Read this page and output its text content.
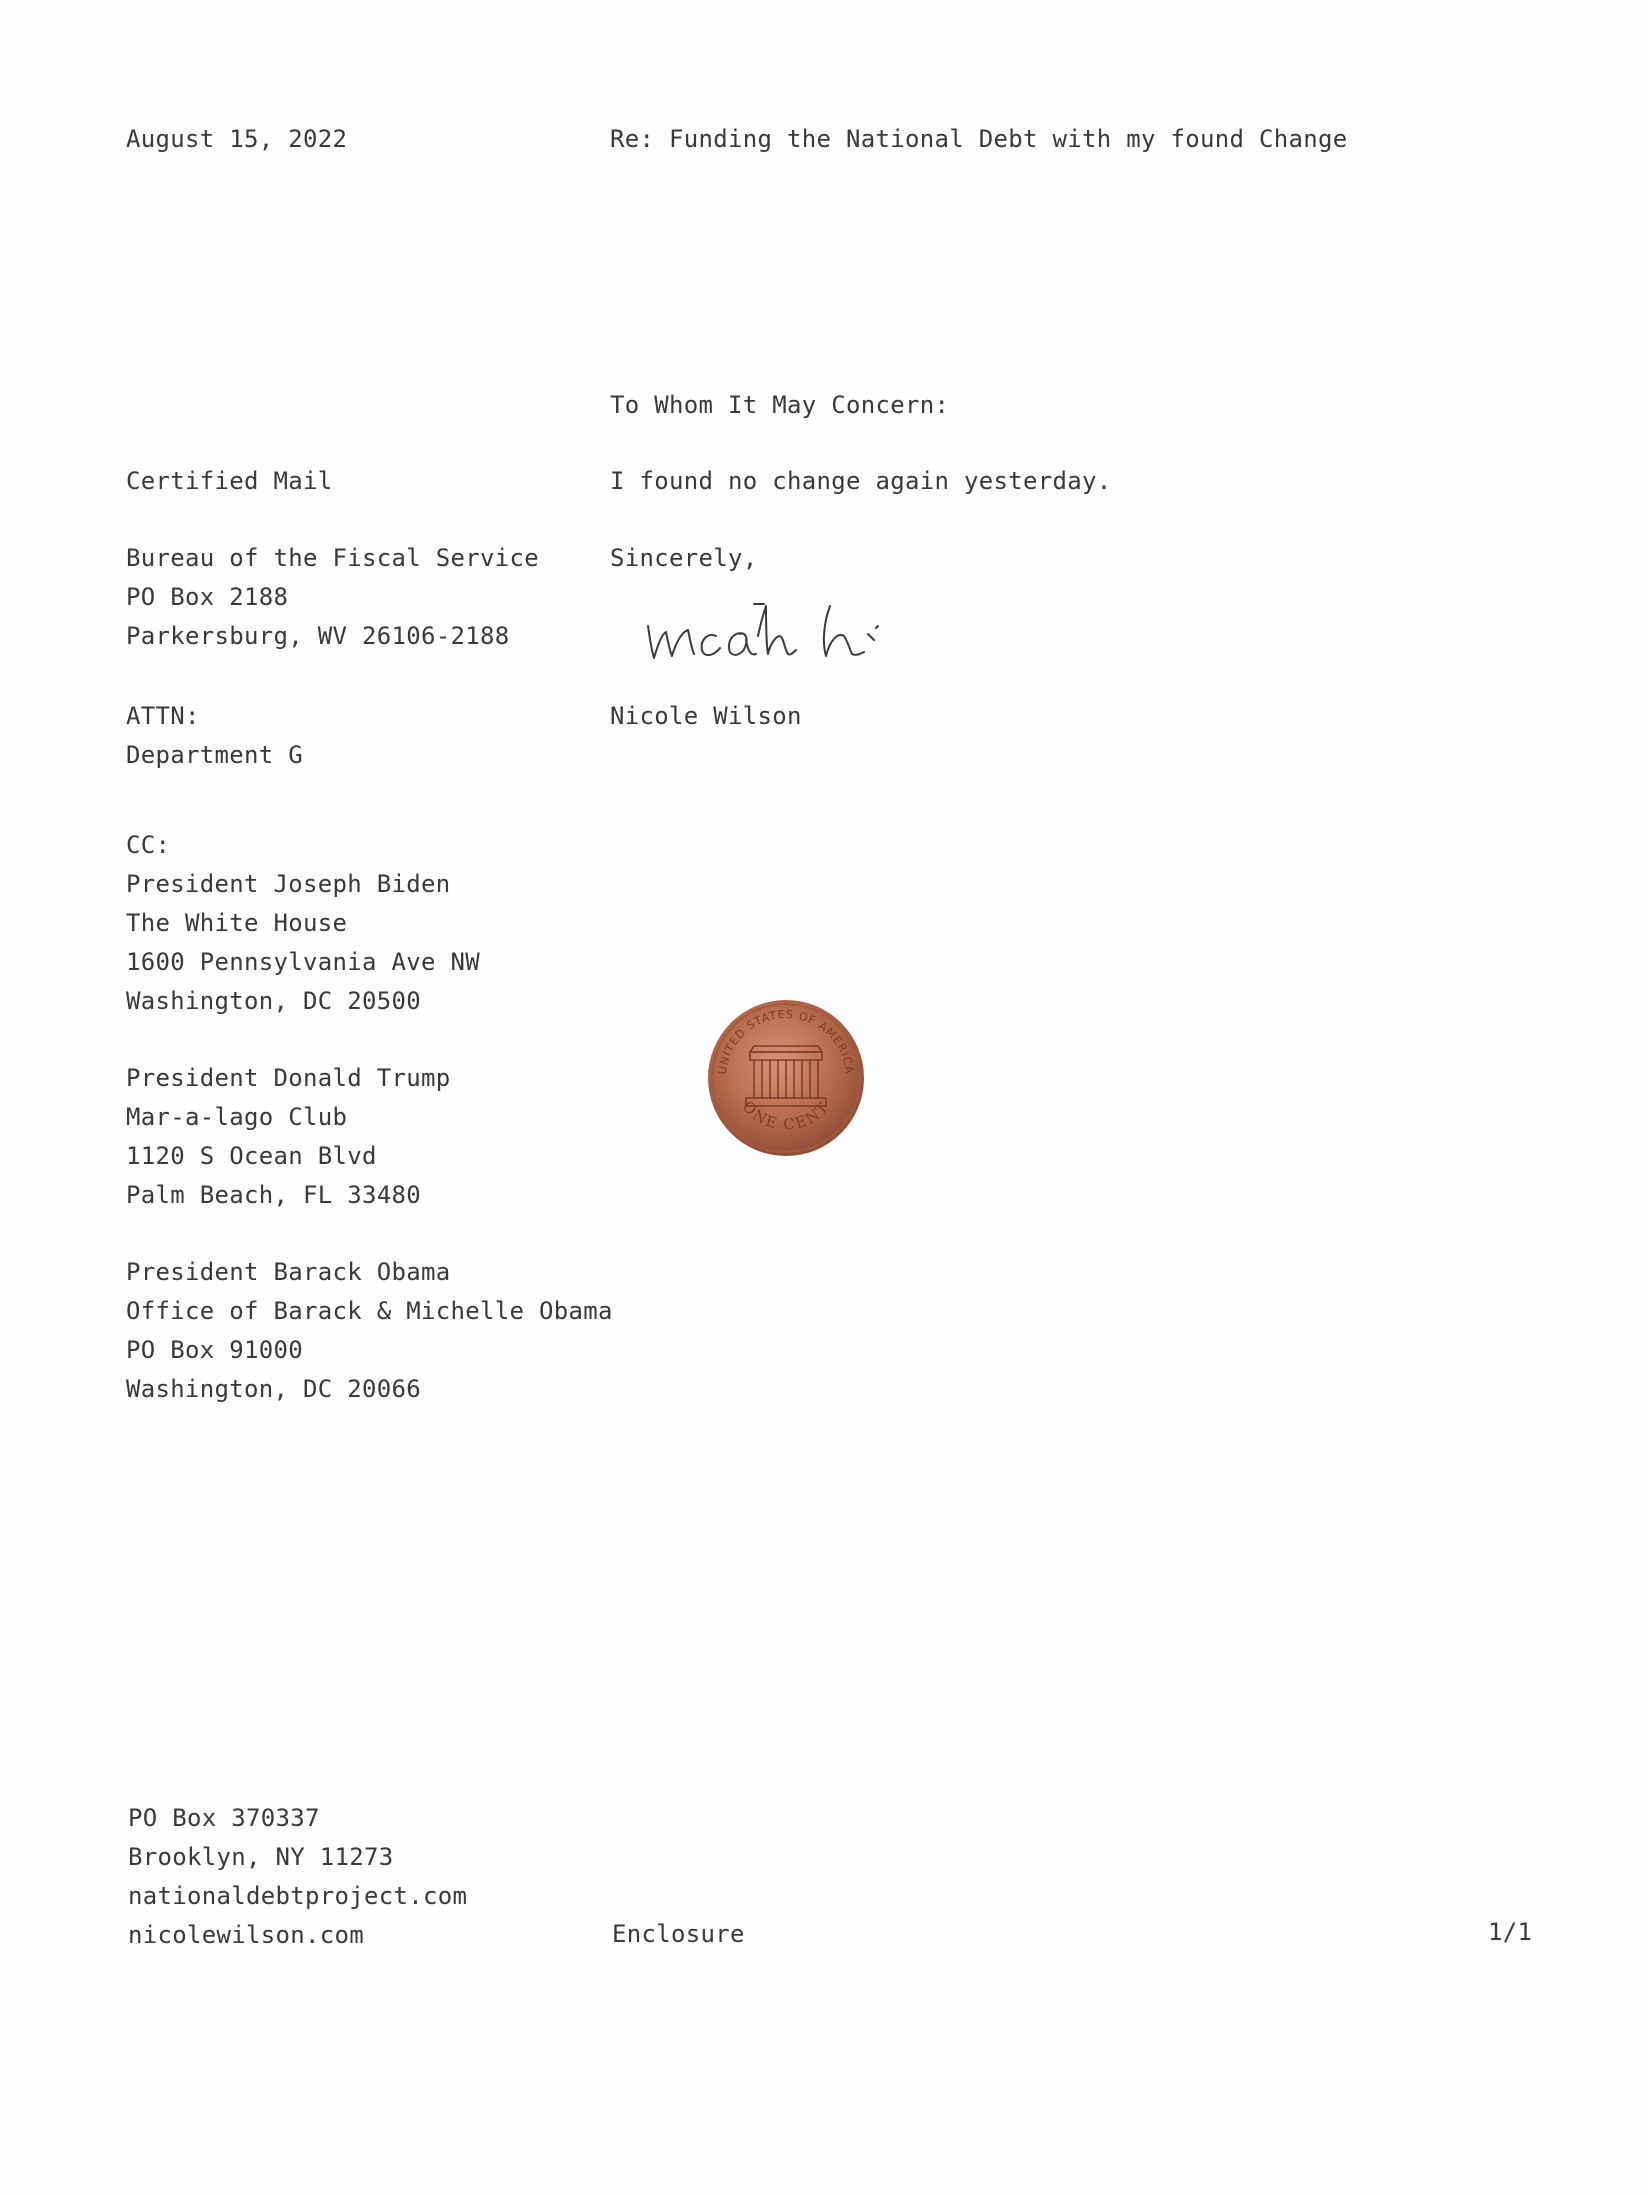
August 15, 2022	Re: Funding the National Debt with my found Change
To Whom It May Concern:
Certified Mail	I found no change again yesterday.
Bureau of the Fiscal Service
PO Box 2188
Parkersburg, WV 26106-2188
Sincerely,
ATTN:
Department G
Nicole Wilson
CC:
President Joseph Biden
The White House
1600 Pennsylvania Ave NW
Washington, DC 20500
President Donald Trump
Mar-a-lago Club
1120 S Ocean Blvd
Palm Beach, FL 33480
President Barack Obama
Office of Barack & Michelle Obama
PO Box 91000
Washington, DC 20066
UNITED STATES OF AMERICA
ONE CENT
PO Box 370337
Brooklyn, NY 11273
nationaldebtproject.com
nicolewilson.com	Enclosure	1/1
